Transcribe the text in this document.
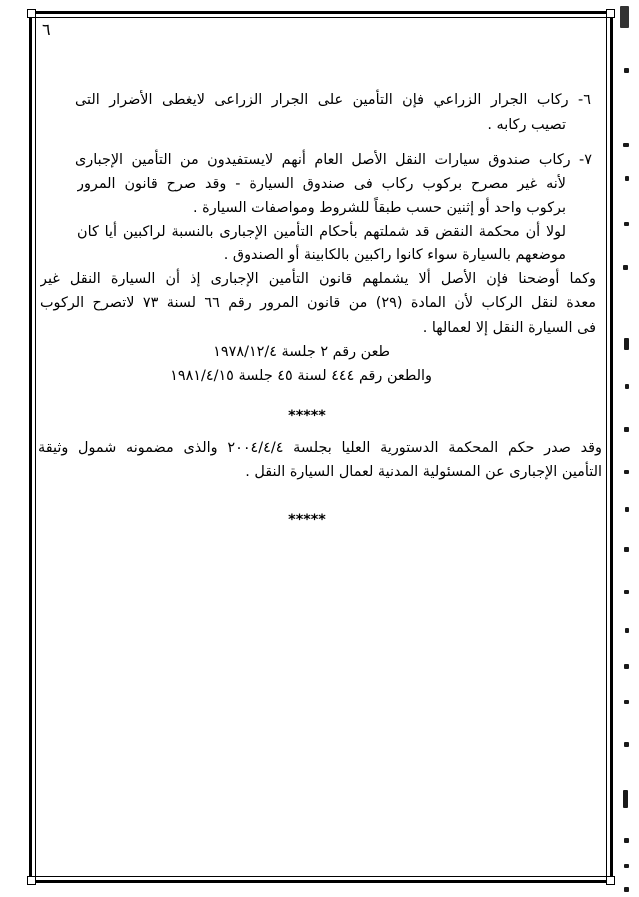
٦
٦- ركاب الجرار الزراعي فإن التأمين على الجرار الزراعى لايغطى الأضرار التى
تصيب ركابه .
٧- ركاب صندوق سيارات النقل الأصل العام أنهم لايستفيدون من التأمين الإجبارى
لأنه غير مصرح بركوب ركاب فى صندوق السيارة - وقد صرح قانون المرور
بركوب واحد أو إثنين حسب طبقاً للشروط ومواصفات السيارة .
لولا أن محكمة النقض قد شملتهم بأحكام التأمين الإجبارى بالنسبة لراكبين أيا كان
موضعهم بالسيارة سواء كانوا راكبين بالكابينة أو الصندوق .
وكما أوضحنا فإن الأصل ألا يشملهم قانون التأمين الإجبارى إذ أن السيارة النقل غير
معدة لنقل الركاب لأن المادة (٢٩) من قانون المرور رقم ٦٦ لسنة ٧٣ لاتصرح الركوب
فى السيارة النقل إلا لعمالها .
طعن رقم ٢ جلسة ١٩٧٨/١٢/٤
والطعن رقم ٤٤٤ لسنة ٤٥ جلسة ١٩٨١/٤/١٥
*****
وقد صدر حكم المحكمة الدستورية العليا بجلسة ٢٠٠٤/٤/٤ والذى مضمونه شمول وثيقة
التأمين الإجبارى عن المسئولية المدنية لعمال السيارة النقل .
*****
